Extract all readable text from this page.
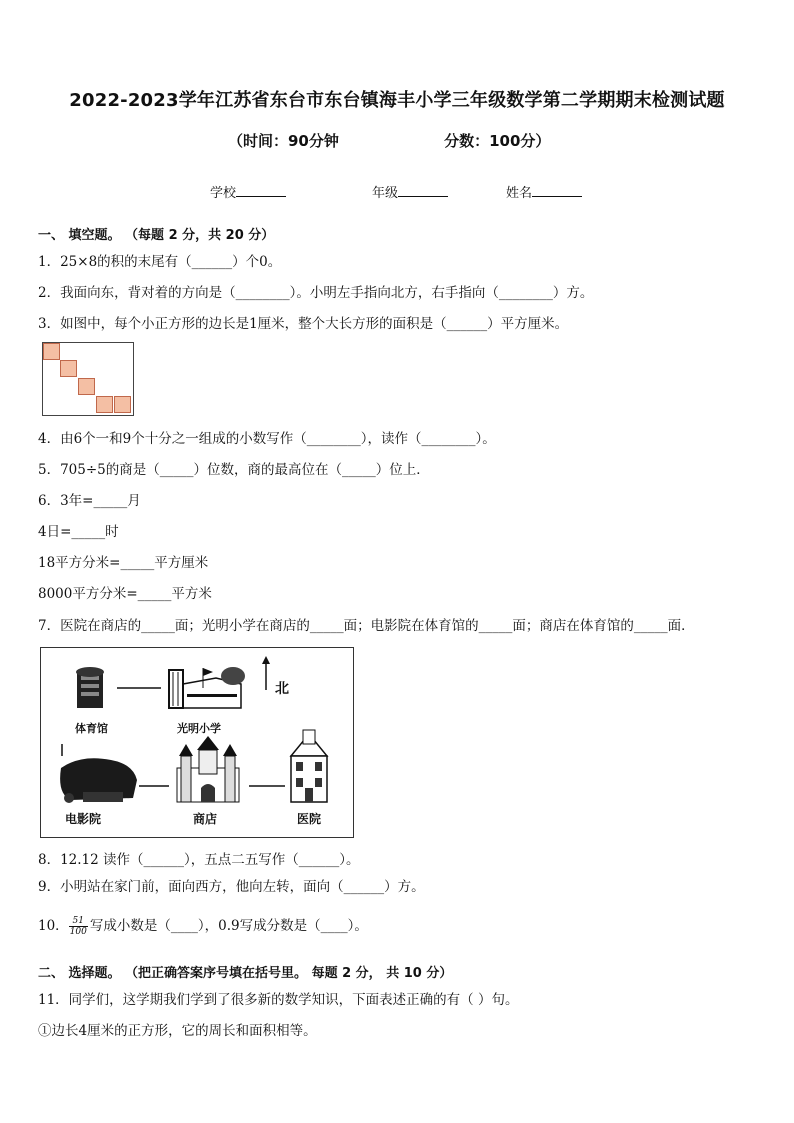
2022-2023学年江苏省东台市东台镇海丰小学三年级数学第二学期期末检测试题
（时间：90分钟	分数：100分）
学校	年级	姓名
一、 填空题。 （每题 2 分，共 20 分）
1．25×8的积的末尾有（______）个0。
2．我面向东，背对着的方向是（________）。小明左手指向北方，右手指向（________）方。
3．如图中，每个小正方形的边长是1厘米，整个大长方形的面积是（______）平方厘米。
4．由6个一和9个十分之一组成的小数写作（________），读作（________）。
5．705÷5的商是（_____）位数，商的最高位在（_____）位上．
6．3年=_____月
4日=_____时
18平方分米=_____平方厘米
8000平方分米=_____平方米
7．医院在商店的_____面；光明小学在商店的_____面；电影院在体育馆的_____面；商店在体育馆的_____面．
体育馆	光明小学
北
电影院	商店	医院
8．12.12 读作（______），五点二五写作（______）。
9．小明站在家门前，面向西方，他向左转，面向（______）方。
10． $\frac{51}{100}$ 写成小数是（____），0.9写成分数是（____）。
二、 选择题。 （把正确答案序号填在括号里。 每题 2 分， 共 10 分）
11．同学们，这学期我们学到了很多新的数学知识，下面表述正确的有（ ）句。
①边长4厘米的正方形，它的周长和面积相等。
